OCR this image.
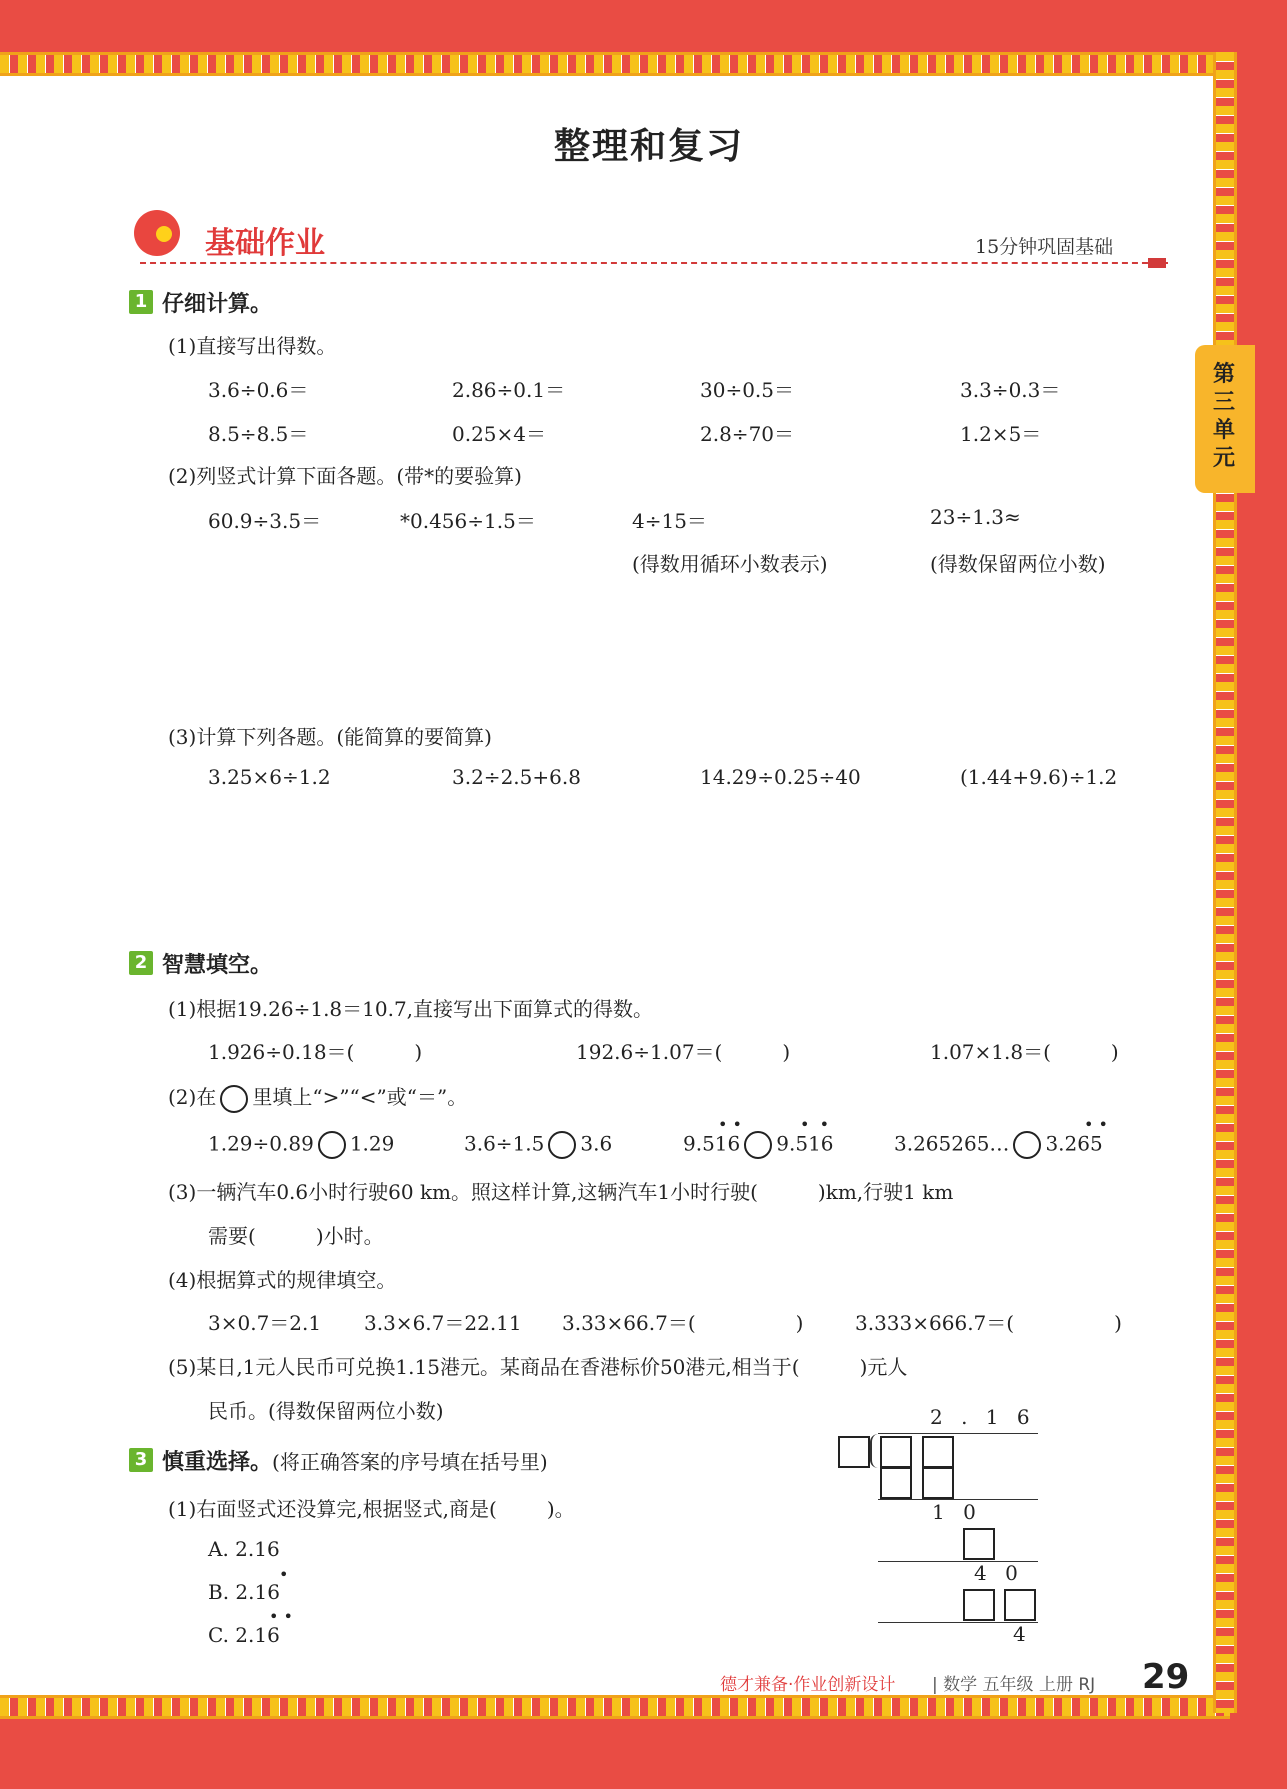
第三单元
整理和复习
基础作业	15分钟巩固基础
1 仔细计算。
(1)直接写出得数。
3.6÷0.6＝	2.86÷0.1＝	30÷0.5＝	3.3÷0.3＝
8.5÷8.5＝	0.25×4＝	2.8÷70＝	1.2×5＝
(2)列竖式计算下面各题。(带*的要验算)
60.9÷3.5＝	*0.456÷1.5＝	4÷15＝	23÷1.3≈
(得数用循环小数表示)	(得数保留两位小数)
(3)计算下列各题。(能简算的要简算)
3.25×6÷1.2	3.2÷2.5+6.8	14.29÷0.25÷40	(1.44+9.6)÷1.2
2 智慧填空。
(1)根据19.26÷1.8＝10.7,直接写出下面算式的得数。
1.926÷0.18＝(	)	192.6÷1.07＝(	)	1.07×1.8＝(	)
(2)在 里填上“>”“<”或“＝”。
1.29÷0.89 1.29	3.6÷1.5 3.6	9.516 9.516	3.265265… 3.265
• •	•  •	• •
(3)一辆汽车0.6小时行驶60 km。照这样计算,这辆汽车1小时行驶(	)km,行驶1 km
需要(	)小时。
(4)根据算式的规律填空。
3×0.7＝2.1 3.3×6.7＝22.11 3.33×66.7＝(	)	3.333×666.7＝(	)
(5)某日,1元人民币可兑换1.15港元。某商品在香港标价50港元,相当于(	)元人
民币。(得数保留两位小数)
3 慎重选择。(将正确答案的序号填在括号里)
(1)右面竖式还没算完,根据竖式,商是(	)。
A. 2.16
B. 2.16
C. 2.16
•
• •
2 . 1 6
1 0
4 0
4
德才兼备·作业创新设计 | 数学 五年级 上册 RJ 29
